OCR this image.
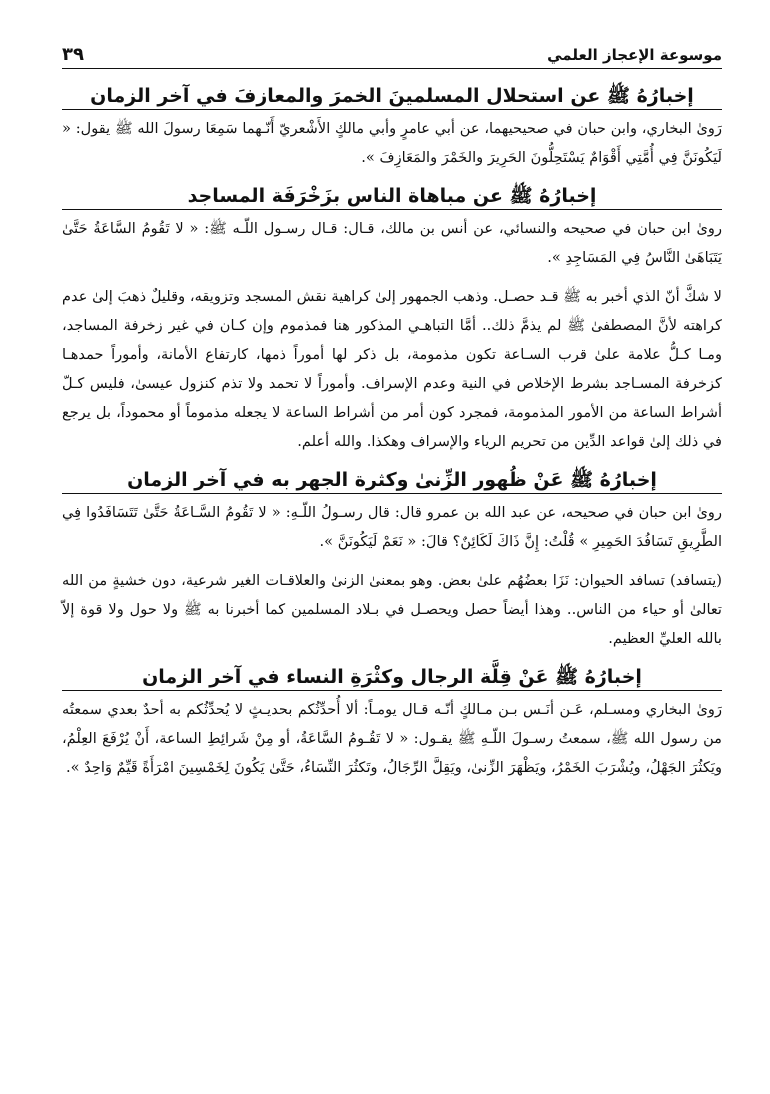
موسوعة الإعجاز العلمي
٣٩
إخبارُهُ ﷺ عن استحلال المسلمينَ الخمرَ والمعازفَ في آخر الزمان

رَوىٰ البخاري، وابن حبان في صحيحيهما، عن أبي عامرٍ وأبي مالكٍ الأَشْعريّ أَنّـهما سَمِعَا رسولَ الله ﷺ يقول: « لَيَكُونَنَّ فِي أُمَّتِي أَقْوَامٌ يَسْتَحِلُّونَ الحَرِيرَ والخَمْرَ والمَعَازِفَ ».

إخبارُهُ ﷺ عن مباهاة الناس بزَخْرَفَة المساجد

روىٰ ابن حبان في صحيحه والنسائي، عن أنس بن مالك، قـال: قـال رسـول اللّـه ﷺ: « لا تَقُومُ السَّاعَةُ حَتَّىٰ يَتَبَاهَىٰ النَّاسُ فِي المَسَاجِدِ ».

لا شكَّ أنّ الذي أخبر به ﷺ قـد حصـل. وذهب الجمهور إلىٰ كراهية نقش المسجد وتزويقه، وقليلٌ ذهبَ إلىٰ عدم كراهته لأنَّ المصطفىٰ ﷺ لم يذمَّ ذلك.. أمَّا التباهـي المذكور هنا فمذموم وإن كـان في غير زخرفة المساجد، ومـا كـلُّ علامة علىٰ قرب السـاعة تكون مذمومة، بل ذكر لها أموراً ذمها، كارتفاع الأمانة، وأموراً حمدهـا كزخرفة المسـاجد بشرط الإخلاص في النية وعدم الإسراف. وأموراً لا تحمد ولا تذم كنزول عيسىٰ، فليس كـلّ أشراط الساعة من الأمور المذمومة، فمجرد كون أمر من أشراط الساعة لا يجعله مذموماً أو محموداً، بل يرجع في ذلك إلىٰ قواعد الدِّين من تحريم الرياء والإسراف وهكذا. والله أعلم.

إخبارُهُ ﷺ عَنْ ظُهور الزِّنىٰ وكثرة الجهر به في آخر الزمان

روىٰ ابن حبان في صحيحه، عن عبد الله بن عمرو قال: قال رسـولُ اللّـهِ: « لا تَقُومُ السَّـاعَةُ حَتَّىٰ تَتَسَافَدُوا فِي الطَّرِيقِ تَسَافُدَ الحَمِيرِ » قُلْتُ: إِنَّ ذَاكَ لَكَائِنٌ؟ قالَ: « نَعَمْ لَيَكُونَنَّ ».

(يتسافد) تسافد الحيوان: نَزَا بعضُهُم علىٰ بعض. وهو بمعنىٰ الزنىٰ والعلاقـات الغير شرعية، دون خشيةٍ من الله تعالىٰ أو حياء من الناس.. وهذا أيضاً حصل ويحصـل في بـلاد المسلمين كما أخبرنا به ﷺ ولا حول ولا قوة إلاّ بالله العليِّ العظيم.

إخبارُهُ ﷺ عَنْ قِلَّة الرجال وكثْرَةِ النساء في آخر الزمان

رَوىٰ البخاري ومسـلم، عَـن أنَـس بـن مـالكٍ أنّـه قـال يومـاً: ألا أُحدِّثُكم بحديـثٍ لا يُحدِّثُكم به أحدٌ بعدي سمعتُه من رسول الله ﷺ، سمعتُ رسـولَ اللّـهِ ﷺ يقـول: « لا تَقُـومُ السَّاعَةُ، أو مِنْ شَرائِطِ الساعة، أَنْ يُرْفَعَ العِلْمُ، ويَكثُرَ الجَهْلُ، ويُشْرَبَ الخَمْرُ، ويَظْهَرَ الزِّنىٰ، ويَقِلَّ الرِّجَالُ، وتَكثُرَ النِّسَاءُ، حَتَّىٰ يَكُونَ لِخَمْسِينَ امْرَأَةً قَيِّمٌ وَاحِدٌ ».
